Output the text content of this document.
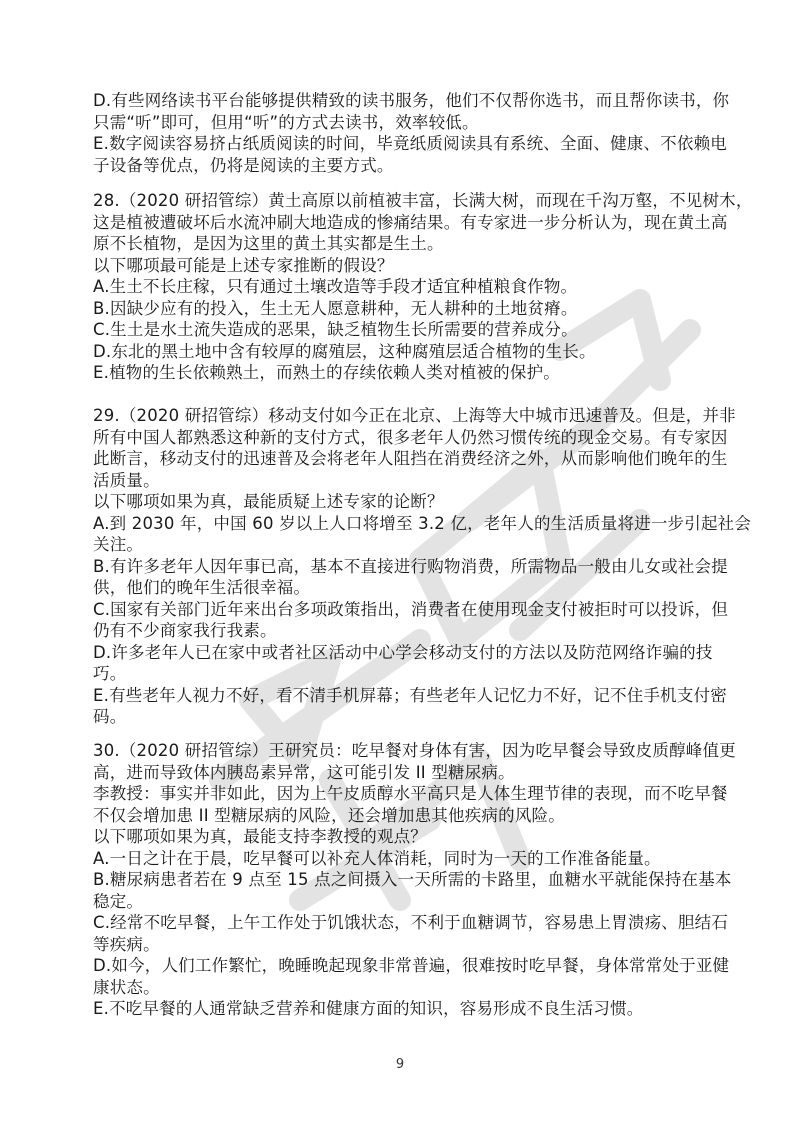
D.有些网络读书平台能够提供精致的读书服务，他们不仅帮你选书，而且帮你读书，你
只需“听”即可，但用“听”的方式去读书，效率较低。
E.数字阅读容易挤占纸质阅读的时间，毕竟纸质阅读具有系统、全面、健康、不依赖电
子设备等优点，仍将是阅读的主要方式。
28.（2020 研招管综）黄土高原以前植被丰富，长满大树，而现在千沟万壑，不见树木，
这是植被遭破坏后水流冲刷大地造成的惨痛结果。有专家进一步分析认为，现在黄土高
原不长植物，是因为这里的黄土其实都是生土。
以下哪项最可能是上述专家推断的假设？
A.生土不长庄稼，只有通过土壤改造等手段才适宜种植粮食作物。
B.因缺少应有的投入，生土无人愿意耕种，无人耕种的土地贫瘠。
C.生土是水土流失造成的恶果，缺乏植物生长所需要的营养成分。
D.东北的黑土地中含有较厚的腐殖层，这种腐殖层适合植物的生长。
E.植物的生长依赖熟土，而熟土的存续依赖人类对植被的保护。
29.（2020 研招管综）移动支付如今正在北京、上海等大中城市迅速普及。但是，并非
所有中国人都熟悉这种新的支付方式，很多老年人仍然习惯传统的现金交易。有专家因
此断言，移动支付的迅速普及会将老年人阻挡在消费经济之外，从而影响他们晚年的生
活质量。
以下哪项如果为真，最能质疑上述专家的论断？
A.到 2030 年，中国 60 岁以上人口将增至 3.2 亿，老年人的生活质量将进一步引起社会
关注。
B.有许多老年人因年事已高，基本不直接进行购物消费，所需物品一般由儿女或社会提
供，他们的晚年生活很幸福。
C.国家有关部门近年来出台多项政策指出，消费者在使用现金支付被拒时可以投诉，但
仍有不少商家我行我素。
D.许多老年人已在家中或者社区活动中心学会移动支付的方法以及防范网络诈骗的技
巧。
E.有些老年人视力不好，看不清手机屏幕；有些老年人记忆力不好，记不住手机支付密
码。
30.（2020 研招管综）王研究员：吃早餐对身体有害，因为吃早餐会导致皮质醇峰值更
高，进而导致体内胰岛素异常，这可能引发 II 型糖尿病。
李教授：事实并非如此，因为上午皮质醇水平高只是人体生理节律的表现，而不吃早餐
不仅会增加患 II 型糖尿病的风险，还会增加患其他疾病的风险。
以下哪项如果为真，最能支持李教授的观点？
A.一日之计在于晨，吃早餐可以补充人体消耗，同时为一天的工作准备能量。
B.糖尿病患者若在 9 点至 15 点之间摄入一天所需的卡路里，血糖水平就能保持在基本
稳定。
C.经常不吃早餐，上午工作处于饥饿状态，不利于血糖调节，容易患上胃溃疡、胆结石
等疾病。
D.如今，人们工作繁忙，晚睡晚起现象非常普遍，很难按时吃早餐，身体常常处于亚健
康状态。
E.不吃早餐的人通常缺乏营养和健康方面的知识，容易形成不良生活习惯。
9
